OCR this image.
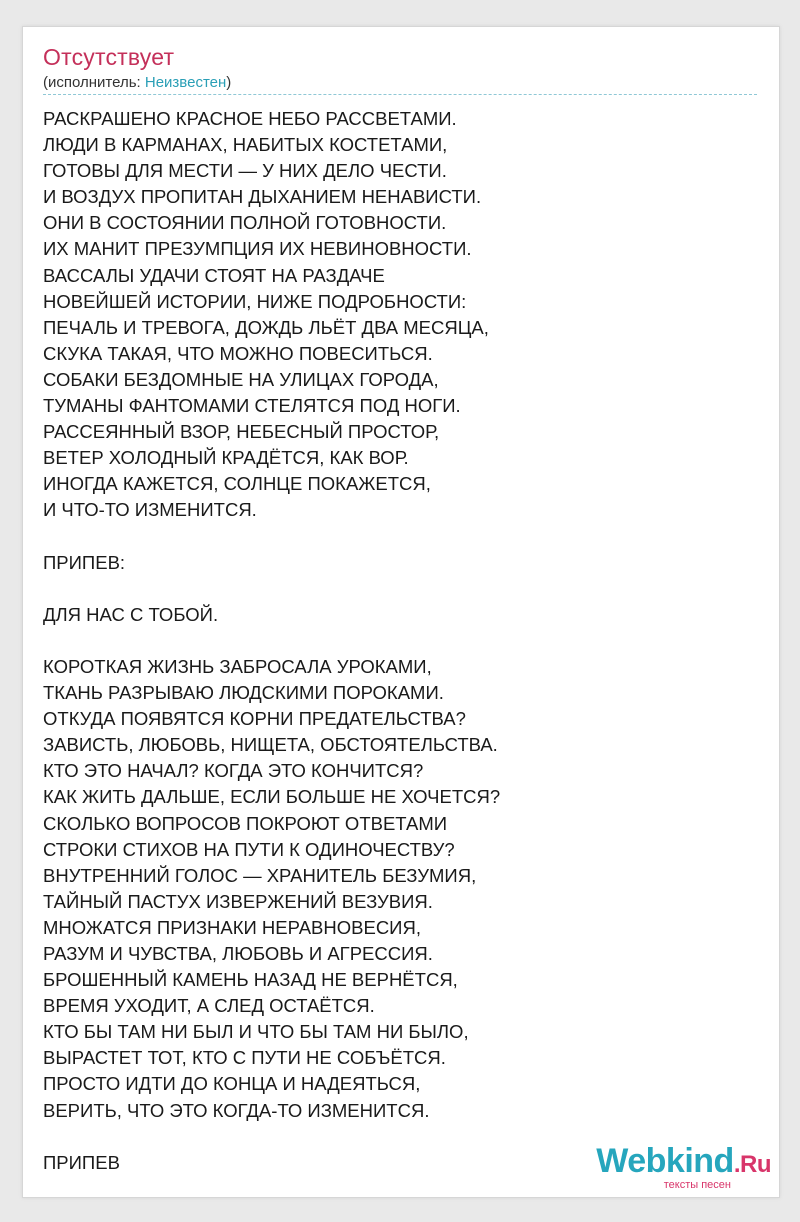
Отсутствует
(исполнитель: Неизвестен)
РАСКРАШЕНО КРАСНОЕ НЕБО РАССВЕТАМИ.
ЛЮДИ В КАРМАНАХ, НАБИТЫХ КОСТЕТАМИ,
ГОТОВЫ ДЛЯ МЕСТИ — У НИХ ДЕЛО ЧЕСТИ.
И ВОЗДУХ ПРОПИТАН ДЫХАНИЕМ НЕНАВИСТИ.
ОНИ В СОСТОЯНИИ ПОЛНОЙ ГОТОВНОСТИ.
ИХ МАНИТ ПРЕЗУМПЦИЯ ИХ НЕВИНОВНОСТИ.
ВАССАЛЫ УДАЧИ СТОЯТ НА РАЗДАЧЕ
НОВЕЙШЕЙ ИСТОРИИ, НИЖЕ ПОДРОБНОСТИ:
ПЕЧАЛЬ И ТРЕВОГА, ДОЖДЬ ЛЬЁТ ДВА МЕСЯЦА,
СКУКА ТАКАЯ, ЧТО МОЖНО ПОВЕСИТЬСЯ.
СОБАКИ БЕЗДОМНЫЕ НА УЛИЦАХ ГОРОДА,
ТУМАНЫ ФАНТОМАМИ СТЕЛЯТСЯ ПОД НОГИ.
РАССЕЯННЫЙ ВЗОР, НЕБЕСНЫЙ ПРОСТОР,
ВЕТЕР ХОЛОДНЫЙ КРАДЁТСЯ, КАК ВОР.
ИНОГДА КАЖЕТСЯ, СОЛНЦЕ ПОКАЖЕТСЯ,
И ЧТО-ТО ИЗМЕНИТСЯ.
ПРИПЕВ:
ДЛЯ НАС С ТОБОЙ.
КОРОТКАЯ ЖИЗНЬ ЗАБРОСАЛА УРОКАМИ,
ТКАНЬ РАЗРЫВАЮ ЛЮДСКИМИ ПОРОКАМИ.
ОТКУДА ПОЯВЯТСЯ КОРНИ ПРЕДАТЕЛЬСТВА?
ЗАВИСТЬ, ЛЮБОВЬ, НИЩЕТА, ОБСТОЯТЕЛЬСТВА.
КТО ЭТО НАЧАЛ? КОГДА ЭТО КОНЧИТСЯ?
КАК ЖИТЬ ДАЛЬШЕ, ЕСЛИ БОЛЬШЕ НЕ ХОЧЕТСЯ?
СКОЛЬКО ВОПРОСОВ ПОКРОЮТ ОТВЕТАМИ
СТРОКИ СТИХОВ НА ПУТИ К ОДИНОЧЕСТВУ?
ВНУТРЕННИЙ ГОЛОС — ХРАНИТЕЛЬ БЕЗУМИЯ,
ТАЙНЫЙ ПАСТУХ ИЗВЕРЖЕНИЙ ВЕЗУВИЯ.
МНОЖАТСЯ ПРИЗНАКИ НЕРАВНОВЕСИЯ,
РАЗУМ И ЧУВСТВА, ЛЮБОВЬ И АГРЕССИЯ.
БРОШЕННЫЙ КАМЕНЬ НАЗАД НЕ ВЕРНЁТСЯ,
ВРЕМЯ УХОДИТ, А СЛЕД ОСТАЁТСЯ.
КТО БЫ ТАМ НИ БЫЛ И ЧТО БЫ ТАМ НИ БЫЛО,
ВЫРАСТЕТ ТОТ, КТО С ПУТИ НЕ СОБЪЁТСЯ.
ПРОСТО ИДТИ ДО КОНЦА И НАДЕЯТЬСЯ,
ВЕРИТЬ, ЧТО ЭТО КОГДА-ТО ИЗМЕНИТСЯ.
ПРИПЕВ	Webkind.Ru
тексты песен
